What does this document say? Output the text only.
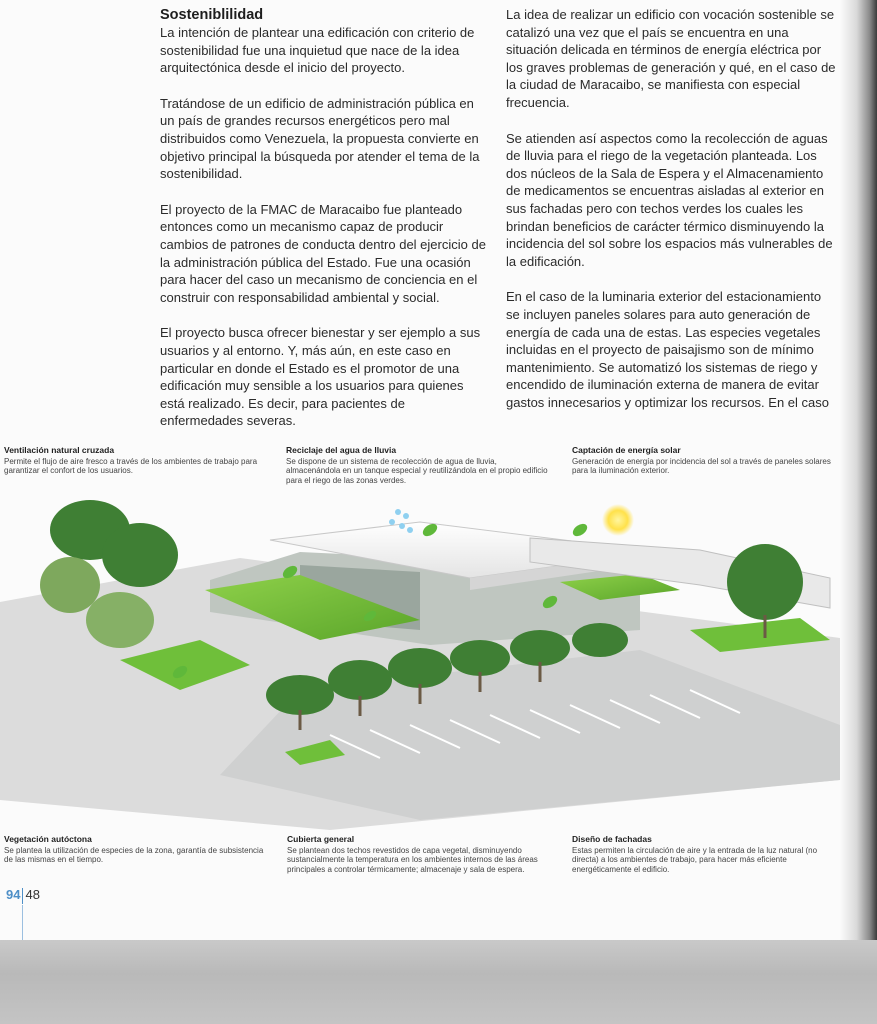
Sosteniblilidad

La intención de plantear una edificación con criterio de sostenibilidad fue una inquietud que nace de la idea arquitectónica desde el inicio del proyecto.

Tratándose de un edificio de administración pública en un país de grandes recursos energéticos pero mal distribuidos como Venezuela, la propuesta convierte en objetivo principal la búsqueda por atender el tema de la sostenibilidad.

El proyecto de la FMAC de Maracaibo fue planteado entonces como un mecanismo capaz de producir cambios de patrones de conducta dentro del ejercicio de la administración pública del Estado. Fue una ocasión para hacer del caso un mecanismo de conciencia en el construir con responsabilidad ambiental y social.

El proyecto busca ofrecer bienestar y ser ejemplo a sus usuarios y al entorno. Y, más aún, en este caso en particular en donde el Estado es el promotor de una edificación muy sensible a los usuarios para quienes está realizado. Es decir, para pacientes de enfermedades severas.

La idea de realizar un edificio con vocación sostenible se catalizó una vez que el país se encuentra en una situación delicada en términos de energía eléctrica por los graves problemas de generación y qué, en el caso de la ciudad de Maracaibo, se manifiesta con especial frecuencia.

Se atienden así aspectos como la recolección de aguas de lluvia para el riego de la vegetación planteada. Los dos núcleos de la Sala de Espera y el Almacenamiento de medicamentos se encuentras aisladas al exterior en sus fachadas pero con techos verdes los cuales les brindan beneficios de carácter térmico disminuyendo la incidencia del sol sobre los espacios más vulnerables de la edificación.

En el caso de la luminaria exterior del estacionamiento se incluyen paneles solares para auto generación de energía de cada una de estas. Las especies vegetales incluidas en el proyecto de paisajismo son de mínimo mantenimiento. Se automatizó los sistemas de riego y encendido de iluminación externa de manera de evitar gastos innecesarios y optimizar los recursos. En el caso

Ventilación natural cruzada
Permite el flujo de aire fresco a través de los ambientes de trabajo para garantizar el confort de los usuarios.
Reciclaje del agua de lluvia
Se dispone de un sistema de recolección de agua de lluvia, almacenándola en un tanque especial y reutilizándola en el propio edificio para el riego de las zonas verdes.
Captación de energía solar
Generación de energía por incidencia del sol a través de paneles solares para la iluminación exterior.
Vegetación autóctona
Se plantea la utilización de especies de la zona, garantía de subsistencia de las mismas en el tiempo.
Cubierta general
Se plantean dos techos revestidos de capa vegetal, disminuyendo sustancialmente la temperatura en los ambientes internos de las áreas principales a controlar térmicamente; almacenaje y sala de espera.
Diseño de fachadas
Estas permiten la circulación de aire y la entrada de la luz natural (no directa) a los ambientes de trabajo, para hacer más eficiente energéticamente el edificio.
94 48
